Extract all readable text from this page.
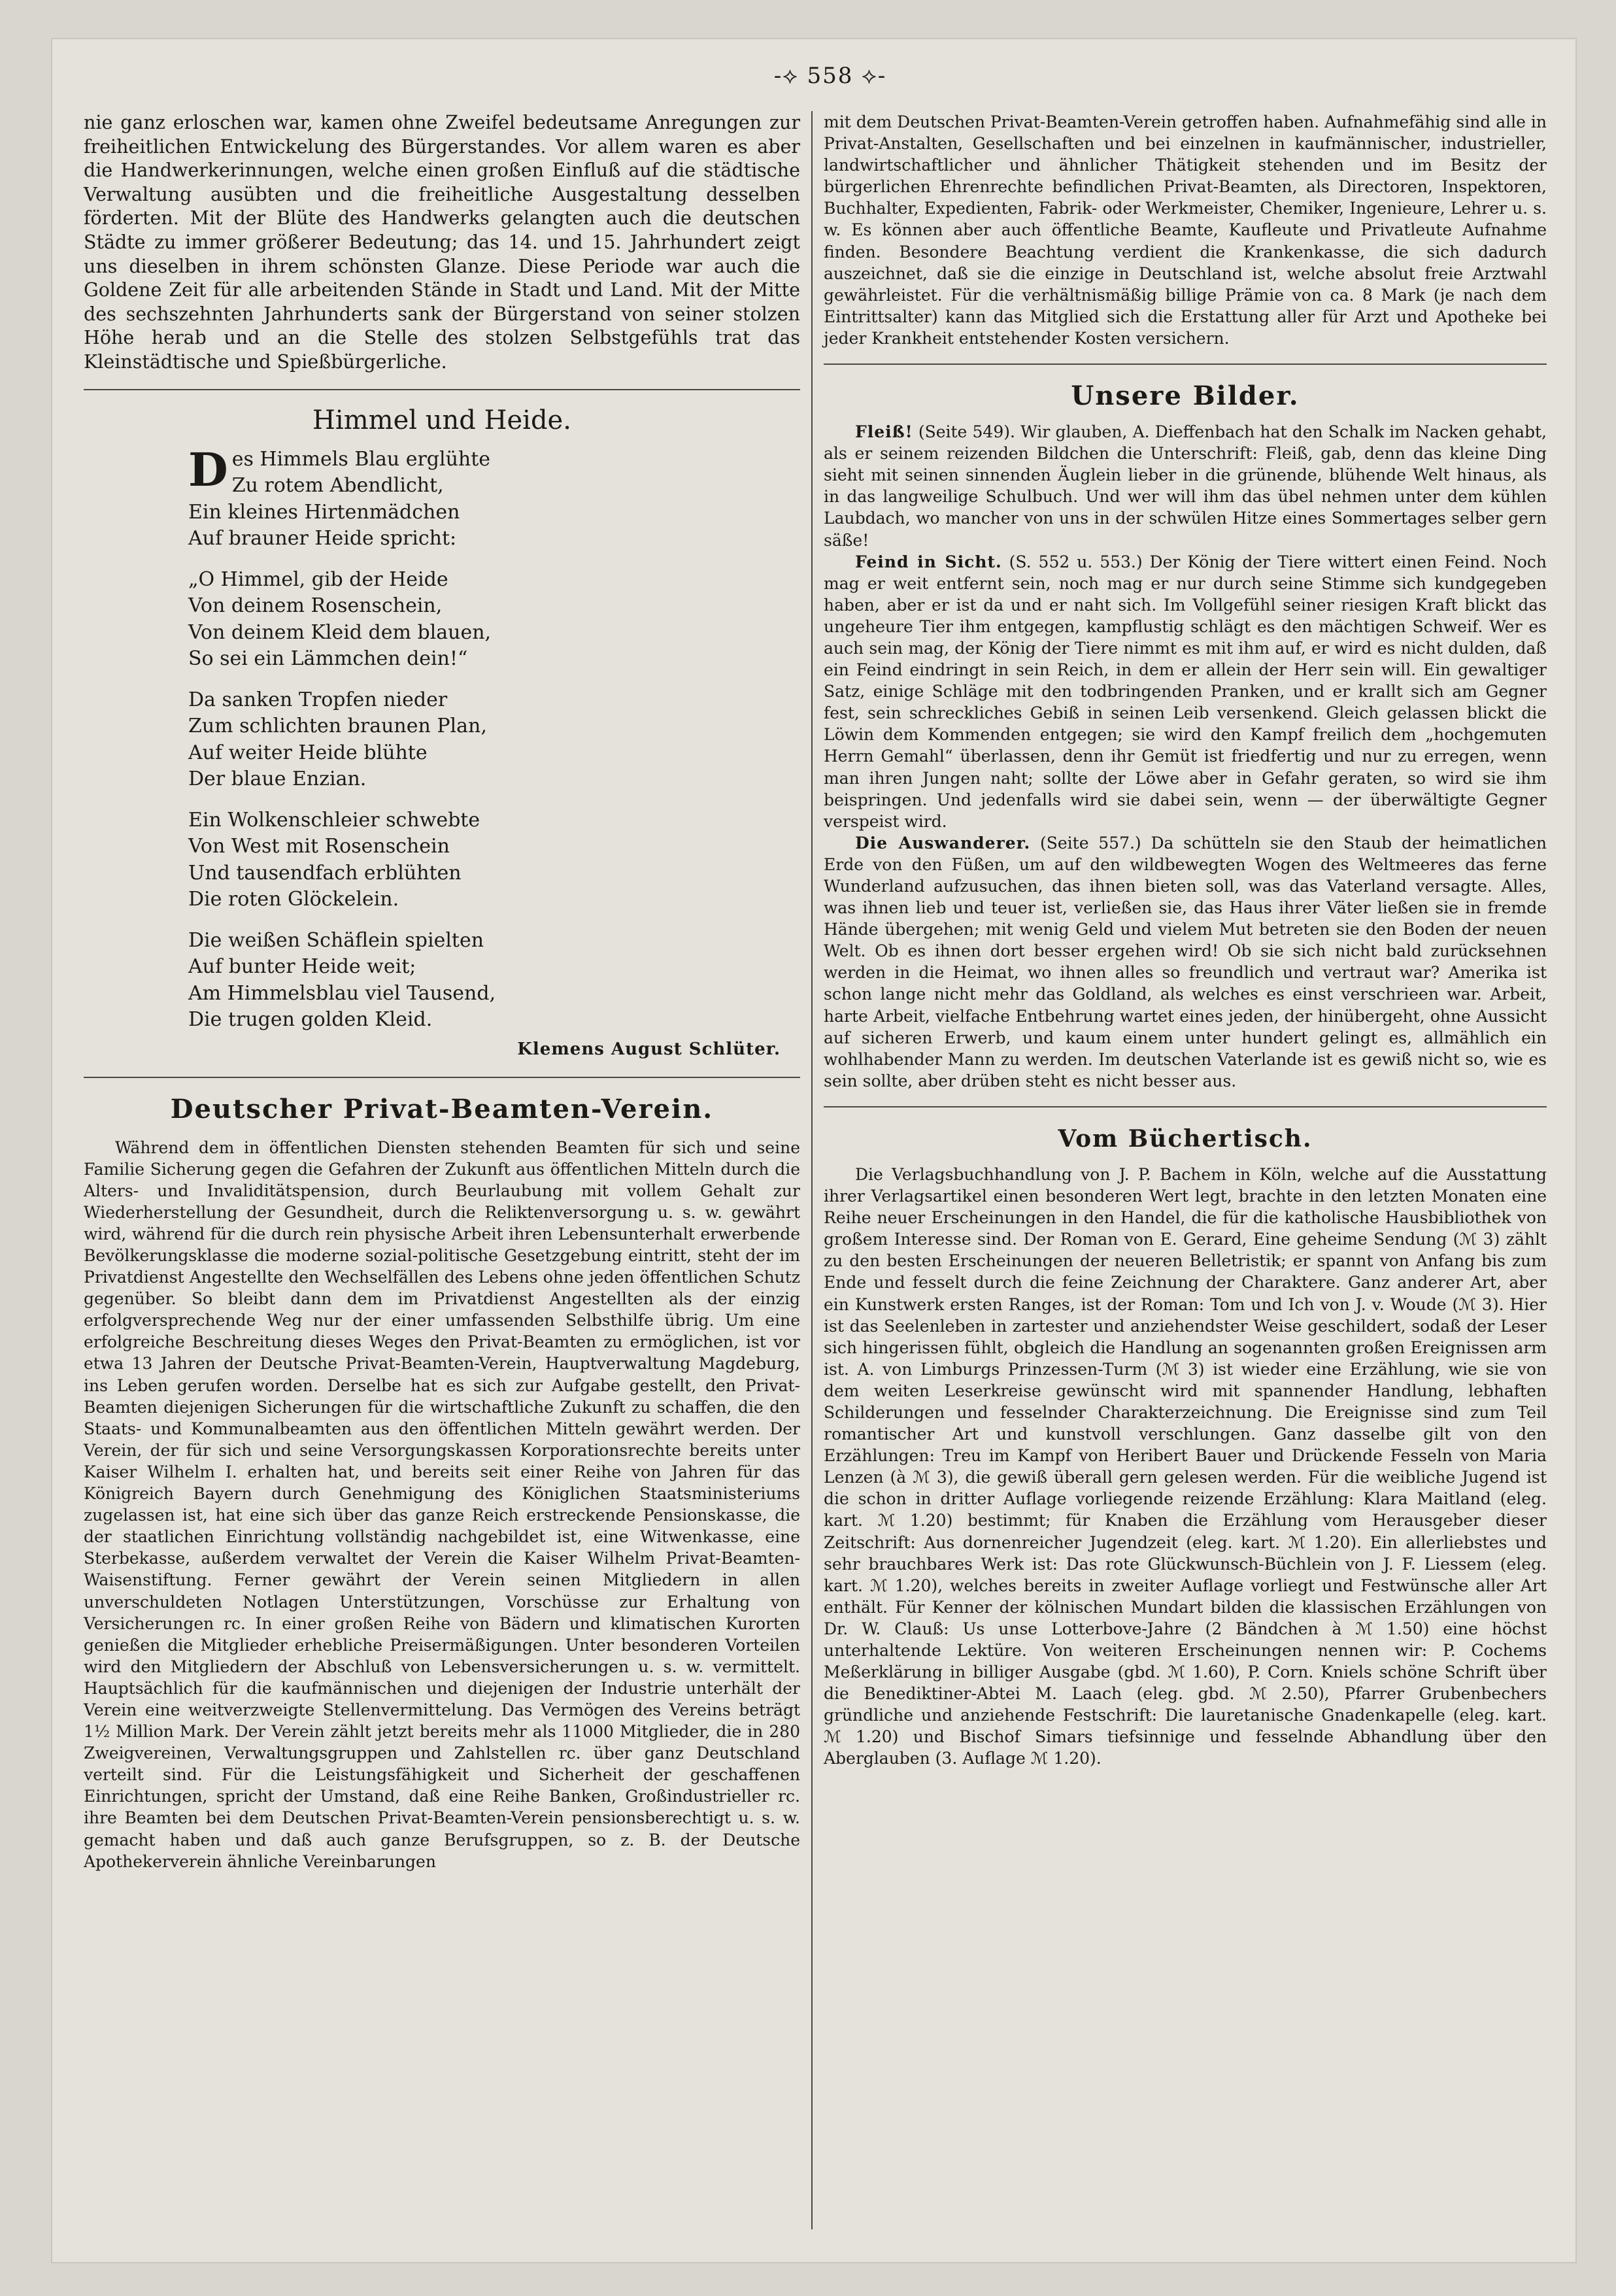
-⟡ 558 ⟡-

nie ganz erloschen war, kamen ohne Zweifel bedeutsame Anregungen zur freiheitlichen Entwickelung des Bürgerstandes. Vor allem waren es aber die Handwerkerinnungen, welche einen großen Einfluß auf die städtische Verwaltung ausübten und die freiheitliche Ausgestaltung desselben förderten. Mit der Blüte des Handwerks gelangten auch die deutschen Städte zu immer größerer Bedeutung; das 14. und 15. Jahrhundert zeigt uns dieselben in ihrem schönsten Glanze. Diese Periode war auch die Goldene Zeit für alle arbeitenden Stände in Stadt und Land. Mit der Mitte des sechszehnten Jahrhunderts sank der Bürgerstand von seiner stolzen Höhe herab und an die Stelle des stolzen Selbstgefühls trat das Kleinstädtische und Spießbürgerliche.

Himmel und Heide.
D es Himmels Blau erglühte
Zu rotem Abendlicht,
Ein kleines Hirtenmädchen
Auf brauner Heide spricht:
„O Himmel, gib der Heide
Von deinem Rosenschein,
Von deinem Kleid dem blauen,
So sei ein Lämmchen dein!“
Da sanken Tropfen nieder
Zum schlichten braunen Plan,
Auf weiter Heide blühte
Der blaue Enzian.
Ein Wolkenschleier schwebte
Von West mit Rosenschein
Und tausendfach erblühten
Die roten Glöckelein.
Die weißen Schäflein spielten
Auf bunter Heide weit;
Am Himmelsblau viel Tausend,
Die trugen golden Kleid.
Klemens August Schlüter.
Deutscher Privat-Beamten-Verein.

Während dem in öffentlichen Diensten stehenden Beamten für sich und seine Familie Sicherung gegen die Gefahren der Zukunft aus öffentlichen Mitteln durch die Alters- und Invaliditätspension, durch Beurlaubung mit vollem Gehalt zur Wiederherstellung der Gesundheit, durch die Reliktenversorgung u. s. w. gewährt wird, während für die durch rein physische Arbeit ihren Lebensunterhalt erwerbende Bevölkerungsklasse die moderne sozial-politische Gesetzgebung eintritt, steht der im Privatdienst Angestellte den Wechselfällen des Lebens ohne jeden öffentlichen Schutz gegenüber. So bleibt dann dem im Privatdienst Angestellten als der einzig erfolgversprechende Weg nur der einer umfassenden Selbsthilfe übrig. Um eine erfolgreiche Beschreitung dieses Weges den Privat-Beamten zu ermöglichen, ist vor etwa 13 Jahren der Deutsche Privat-Beamten-Verein, Hauptverwaltung Magdeburg, ins Leben gerufen worden. Derselbe hat es sich zur Aufgabe gestellt, den Privat-Beamten diejenigen Sicherungen für die wirtschaftliche Zukunft zu schaffen, die den Staats- und Kommunalbeamten aus den öffentlichen Mitteln gewährt werden. Der Verein, der für sich und seine Versorgungskassen Korporationsrechte bereits unter Kaiser Wilhelm I. erhalten hat, und bereits seit einer Reihe von Jahren für das Königreich Bayern durch Genehmigung des Königlichen Staatsministeriums zugelassen ist, hat eine sich über das ganze Reich erstreckende Pensionskasse, die der staatlichen Einrichtung vollständig nachgebildet ist, eine Witwenkasse, eine Sterbekasse, außerdem verwaltet der Verein die Kaiser Wilhelm Privat-Beamten-Waisenstiftung. Ferner gewährt der Verein seinen Mitgliedern in allen unverschuldeten Notlagen Unterstützungen, Vorschüsse zur Erhaltung von Versicherungen rc. In einer großen Reihe von Bädern und klimatischen Kurorten genießen die Mitglieder erhebliche Preisermäßigungen. Unter besonderen Vorteilen wird den Mitgliedern der Abschluß von Lebensversicherungen u. s. w. vermittelt. Hauptsächlich für die kaufmännischen und diejenigen der Industrie unterhält der Verein eine weitverzweigte Stellenvermittelung. Das Vermögen des Vereins beträgt 1½ Million Mark. Der Verein zählt jetzt bereits mehr als 11000 Mitglieder, die in 280 Zweigvereinen, Verwaltungsgruppen und Zahlstellen rc. über ganz Deutschland verteilt sind. Für die Leistungsfähigkeit und Sicherheit der geschaffenen Einrichtungen, spricht der Umstand, daß eine Reihe Banken, Großindustrieller rc. ihre Beamten bei dem Deutschen Privat-Beamten-Verein pensionsberechtigt u. s. w. gemacht haben und daß auch ganze Berufsgruppen, so z. B. der Deutsche Apothekerverein ähnliche Vereinbarungen

mit dem Deutschen Privat-Beamten-Verein getroffen haben. Aufnahmefähig sind alle in Privat-Anstalten, Gesellschaften und bei einzelnen in kaufmännischer, industrieller, landwirtschaftlicher und ähnlicher Thätigkeit stehenden und im Besitz der bürgerlichen Ehrenrechte befindlichen Privat-Beamten, als Directoren, Inspektoren, Buchhalter, Expedienten, Fabrik- oder Werkmeister, Chemiker, Ingenieure, Lehrer u. s. w. Es können aber auch öffentliche Beamte, Kaufleute und Privatleute Aufnahme finden. Besondere Beachtung verdient die Krankenkasse, die sich dadurch auszeichnet, daß sie die einzige in Deutschland ist, welche absolut freie Arztwahl gewährleistet. Für die verhältnismäßig billige Prämie von ca. 8 Mark (je nach dem Eintrittsalter) kann das Mitglied sich die Erstattung aller für Arzt und Apotheke bei jeder Krankheit entstehender Kosten versichern.

Unsere Bilder.

Fleiß! (Seite 549). Wir glauben, A. Dieffenbach hat den Schalk im Nacken gehabt, als er seinem reizenden Bildchen die Unterschrift: Fleiß, gab, denn das kleine Ding sieht mit seinen sinnenden Äuglein lieber in die grünende, blühende Welt hinaus, als in das langweilige Schulbuch. Und wer will ihm das übel nehmen unter dem kühlen Laubdach, wo mancher von uns in der schwülen Hitze eines Sommertages selber gern säße!

Feind in Sicht. (S. 552 u. 553.) Der König der Tiere wittert einen Feind. Noch mag er weit entfernt sein, noch mag er nur durch seine Stimme sich kundgegeben haben, aber er ist da und er naht sich. Im Vollgefühl seiner riesigen Kraft blickt das ungeheure Tier ihm entgegen, kampflustig schlägt es den mächtigen Schweif. Wer es auch sein mag, der König der Tiere nimmt es mit ihm auf, er wird es nicht dulden, daß ein Feind eindringt in sein Reich, in dem er allein der Herr sein will. Ein gewaltiger Satz, einige Schläge mit den todbringenden Pranken, und er krallt sich am Gegner fest, sein schreckliches Gebiß in seinen Leib versenkend. Gleich gelassen blickt die Löwin dem Kommenden entgegen; sie wird den Kampf freilich dem „hochgemuten Herrn Gemahl“ überlassen, denn ihr Gemüt ist friedfertig und nur zu erregen, wenn man ihren Jungen naht; sollte der Löwe aber in Gefahr geraten, so wird sie ihm beispringen. Und jedenfalls wird sie dabei sein, wenn — der überwältigte Gegner verspeist wird.

Die Auswanderer. (Seite 557.) Da schütteln sie den Staub der heimatlichen Erde von den Füßen, um auf den wildbewegten Wogen des Weltmeeres das ferne Wunderland aufzusuchen, das ihnen bieten soll, was das Vaterland versagte. Alles, was ihnen lieb und teuer ist, verließen sie, das Haus ihrer Väter ließen sie in fremde Hände übergehen; mit wenig Geld und vielem Mut betreten sie den Boden der neuen Welt. Ob es ihnen dort besser ergehen wird! Ob sie sich nicht bald zurücksehnen werden in die Heimat, wo ihnen alles so freundlich und vertraut war? Amerika ist schon lange nicht mehr das Goldland, als welches es einst verschrieen war. Arbeit, harte Arbeit, vielfache Entbehrung wartet eines jeden, der hinübergeht, ohne Aussicht auf sicheren Erwerb, und kaum einem unter hundert gelingt es, allmählich ein wohlhabender Mann zu werden. Im deutschen Vaterlande ist es gewiß nicht so, wie es sein sollte, aber drüben steht es nicht besser aus.

Vom Büchertisch.

Die Verlagsbuchhandlung von J. P. Bachem in Köln, welche auf die Ausstattung ihrer Verlagsartikel einen besonderen Wert legt, brachte in den letzten Monaten eine Reihe neuer Erscheinungen in den Handel, die für die katholische Hausbibliothek von großem Interesse sind. Der Roman von E. Gerard, Eine geheime Sendung (ℳ 3) zählt zu den besten Erscheinungen der neueren Belletristik; er spannt von Anfang bis zum Ende und fesselt durch die feine Zeichnung der Charaktere. Ganz anderer Art, aber ein Kunstwerk ersten Ranges, ist der Roman: Tom und Ich von J. v. Woude (ℳ 3). Hier ist das Seelenleben in zartester und anziehendster Weise geschildert, sodaß der Leser sich hingerissen fühlt, obgleich die Handlung an sogenannten großen Ereignissen arm ist. A. von Limburgs Prinzessen-Turm (ℳ 3) ist wieder eine Erzählung, wie sie von dem weiten Leserkreise gewünscht wird mit spannender Handlung, lebhaften Schilderungen und fesselnder Charakterzeichnung. Die Ereignisse sind zum Teil romantischer Art und kunstvoll verschlungen. Ganz dasselbe gilt von den Erzählungen: Treu im Kampf von Heribert Bauer und Drückende Fesseln von Maria Lenzen (à ℳ 3), die gewiß überall gern gelesen werden. Für die weibliche Jugend ist die schon in dritter Auflage vorliegende reizende Erzählung: Klara Maitland (eleg. kart. ℳ 1.20) bestimmt; für Knaben die Erzählung vom Herausgeber dieser Zeitschrift: Aus dornenreicher Jugendzeit (eleg. kart. ℳ 1.20). Ein allerliebstes und sehr brauchbares Werk ist: Das rote Glückwunsch-Büchlein von J. F. Liessem (eleg. kart. ℳ 1.20), welches bereits in zweiter Auflage vorliegt und Festwünsche aller Art enthält. Für Kenner der kölnischen Mundart bilden die klassischen Erzählungen von Dr. W. Clauß: Us unse Lotterbove-Jahre (2 Bändchen à ℳ 1.50) eine höchst unterhaltende Lektüre. Von weiteren Erscheinungen nennen wir: P. Cochems Meßerklärung in billiger Ausgabe (gbd. ℳ 1.60), P. Corn. Kniels schöne Schrift über die Benediktiner-Abtei M. Laach (eleg. gbd. ℳ 2.50), Pfarrer Grubenbechers gründliche und anziehende Festschrift: Die lauretanische Gnadenkapelle (eleg. kart. ℳ 1.20) und Bischof Simars tiefsinnige und fesselnde Abhandlung über den Aberglauben (3. Auflage ℳ 1.20).
